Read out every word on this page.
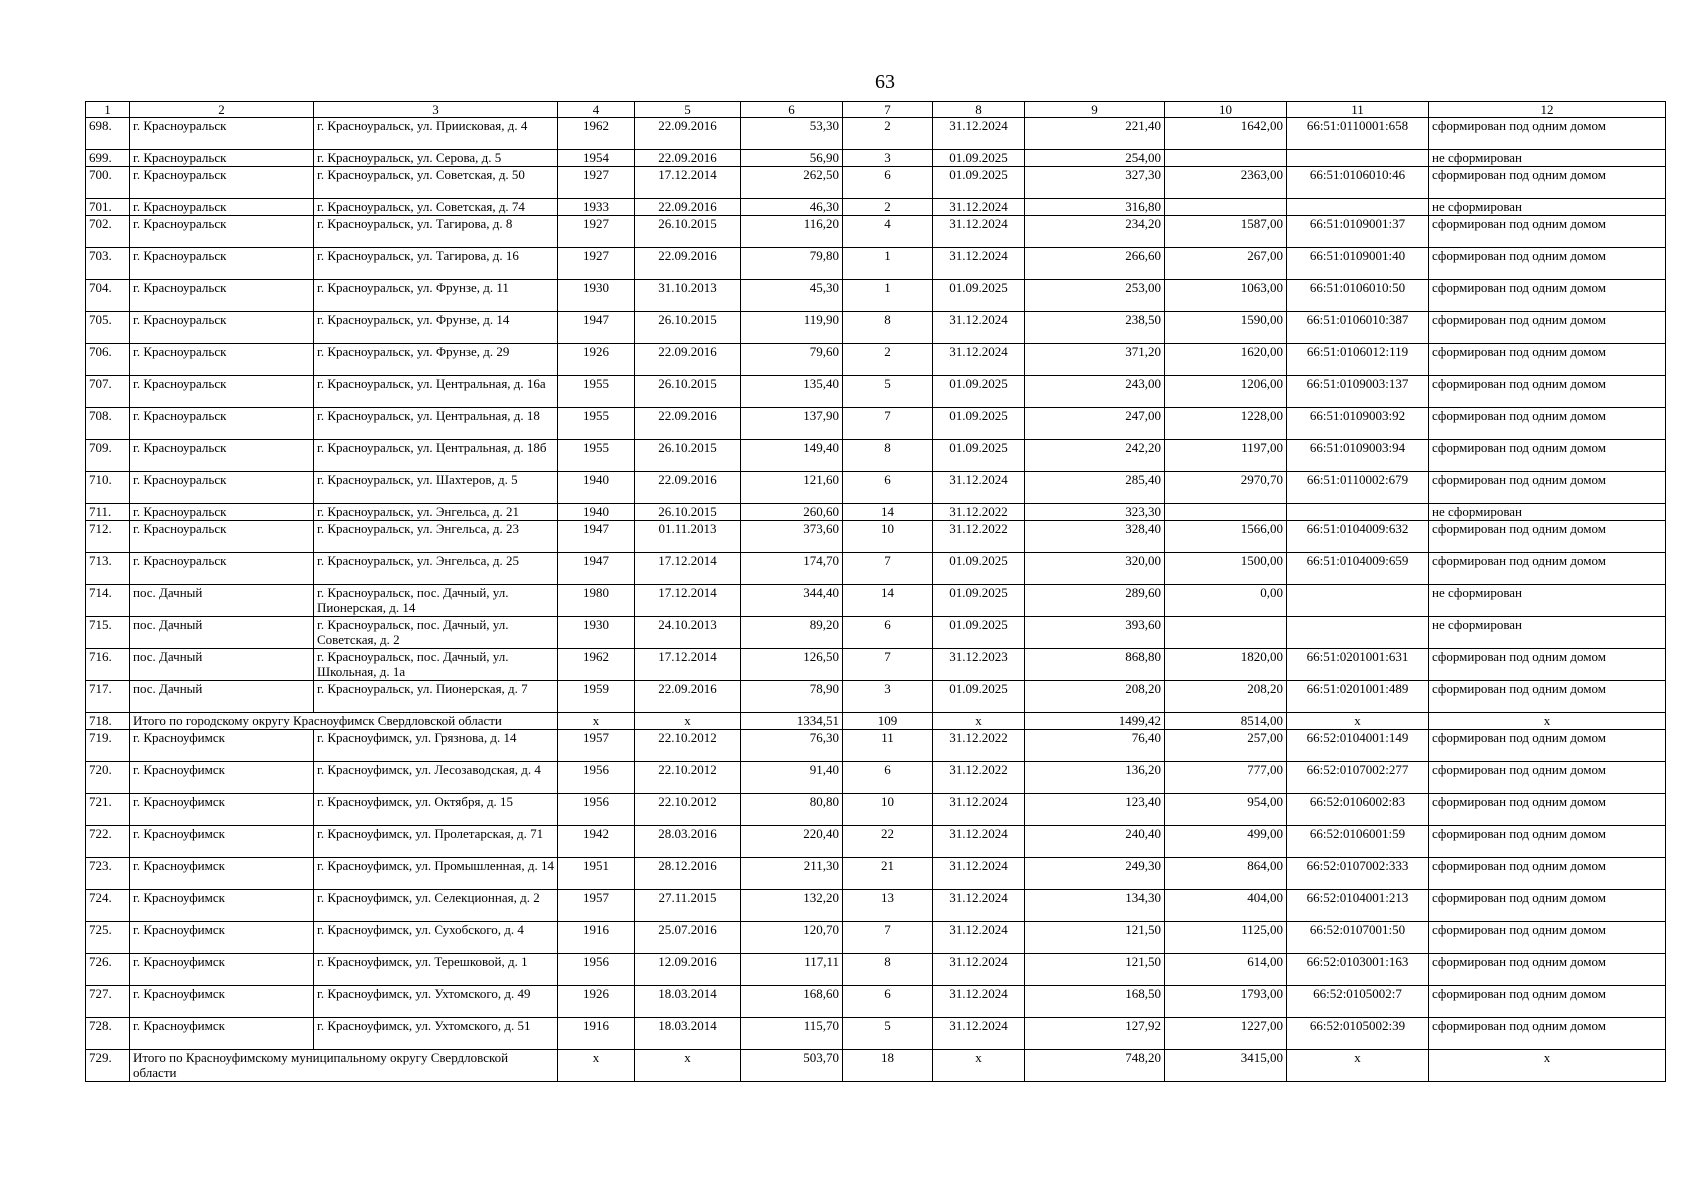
63
1	2	3	4	5	6	7	8	9	10	11	12
698.	г. Красноуральск	г. Красноуральск, ул. Приисковая, д. 4	1962	22.09.2016	53,30	2	31.12.2024	221,40	1642,00	66:51:0110001:658	сформирован под одним домом
699.	г. Красноуральск	г. Красноуральск, ул. Серова, д. 5	1954	22.09.2016	56,90	3	01.09.2025	254,00			не сформирован
700.	г. Красноуральск	г. Красноуральск, ул. Советская, д. 50	1927	17.12.2014	262,50	6	01.09.2025	327,30	2363,00	66:51:0106010:46	сформирован под одним домом
701.	г. Красноуральск	г. Красноуральск, ул. Советская, д. 74	1933	22.09.2016	46,30	2	31.12.2024	316,80			не сформирован
702.	г. Красноуральск	г. Красноуральск, ул. Тагирова, д. 8	1927	26.10.2015	116,20	4	31.12.2024	234,20	1587,00	66:51:0109001:37	сформирован под одним домом
703.	г. Красноуральск	г. Красноуральск, ул. Тагирова, д. 16	1927	22.09.2016	79,80	1	31.12.2024	266,60	267,00	66:51:0109001:40	сформирован под одним домом
704.	г. Красноуральск	г. Красноуральск, ул. Фрунзе, д. 11	1930	31.10.2013	45,30	1	01.09.2025	253,00	1063,00	66:51:0106010:50	сформирован под одним домом
705.	г. Красноуральск	г. Красноуральск, ул. Фрунзе, д. 14	1947	26.10.2015	119,90	8	31.12.2024	238,50	1590,00	66:51:0106010:387	сформирован под одним домом
706.	г. Красноуральск	г. Красноуральск, ул. Фрунзе, д. 29	1926	22.09.2016	79,60	2	31.12.2024	371,20	1620,00	66:51:0106012:119	сформирован под одним домом
707.	г. Красноуральск	г. Красноуральск, ул. Центральная, д. 16а	1955	26.10.2015	135,40	5	01.09.2025	243,00	1206,00	66:51:0109003:137	сформирован под одним домом
708.	г. Красноуральск	г. Красноуральск, ул. Центральная, д. 18	1955	22.09.2016	137,90	7	01.09.2025	247,00	1228,00	66:51:0109003:92	сформирован под одним домом
709.	г. Красноуральск	г. Красноуральск, ул. Центральная, д. 18б	1955	26.10.2015	149,40	8	01.09.2025	242,20	1197,00	66:51:0109003:94	сформирован под одним домом
710.	г. Красноуральск	г. Красноуральск, ул. Шахтеров, д. 5	1940	22.09.2016	121,60	6	31.12.2024	285,40	2970,70	66:51:0110002:679	сформирован под одним домом
711.	г. Красноуральск	г. Красноуральск, ул. Энгельса, д. 21	1940	26.10.2015	260,60	14	31.12.2022	323,30			не сформирован
712.	г. Красноуральск	г. Красноуральск, ул. Энгельса, д. 23	1947	01.11.2013	373,60	10	31.12.2022	328,40	1566,00	66:51:0104009:632	сформирован под одним домом
713.	г. Красноуральск	г. Красноуральск, ул. Энгельса, д. 25	1947	17.12.2014	174,70	7	01.09.2025	320,00	1500,00	66:51:0104009:659	сформирован под одним домом
714.	пос. Дачный	г. Красноуральск, пос. Дачный, ул. Пионерская, д. 14	1980	17.12.2014	344,40	14	01.09.2025	289,60	0,00		не сформирован
715.	пос. Дачный	г. Красноуральск, пос. Дачный, ул. Советская, д. 2	1930	24.10.2013	89,20	6	01.09.2025	393,60			не сформирован
716.	пос. Дачный	г. Красноуральск, пос. Дачный, ул. Школьная, д. 1а	1962	17.12.2014	126,50	7	31.12.2023	868,80	1820,00	66:51:0201001:631	сформирован под одним домом
717.	пос. Дачный	г. Красноуральск, ул. Пионерская, д. 7	1959	22.09.2016	78,90	3	01.09.2025	208,20	208,20	66:51:0201001:489	сформирован под одним домом
718.	Итого по городскому округу Красноуфимск Свердловской области		x	x	1334,51	109	x	1499,42	8514,00	x	x
719.	г. Красноуфимск	г. Красноуфимск, ул. Грязнова, д. 14	1957	22.10.2012	76,30	11	31.12.2022	76,40	257,00	66:52:0104001:149	сформирован под одним домом
720.	г. Красноуфимск	г. Красноуфимск, ул. Лесозаводская, д. 4	1956	22.10.2012	91,40	6	31.12.2022	136,20	777,00	66:52:0107002:277	сформирован под одним домом
721.	г. Красноуфимск	г. Красноуфимск, ул. Октября, д. 15	1956	22.10.2012	80,80	10	31.12.2024	123,40	954,00	66:52:0106002:83	сформирован под одним домом
722.	г. Красноуфимск	г. Красноуфимск, ул. Пролетарская, д. 71	1942	28.03.2016	220,40	22	31.12.2024	240,40	499,00	66:52:0106001:59	сформирован под одним домом
723.	г. Красноуфимск	г. Красноуфимск, ул. Промышленная, д. 14	1951	28.12.2016	211,30	21	31.12.2024	249,30	864,00	66:52:0107002:333	сформирован под одним домом
724.	г. Красноуфимск	г. Красноуфимск, ул. Селекционная, д. 2	1957	27.11.2015	132,20	13	31.12.2024	134,30	404,00	66:52:0104001:213	сформирован под одним домом
725.	г. Красноуфимск	г. Красноуфимск, ул. Сухобского, д. 4	1916	25.07.2016	120,70	7	31.12.2024	121,50	1125,00	66:52:0107001:50	сформирован под одним домом
726.	г. Красноуфимск	г. Красноуфимск, ул. Терешковой, д. 1	1956	12.09.2016	117,11	8	31.12.2024	121,50	614,00	66:52:0103001:163	сформирован под одним домом
727.	г. Красноуфимск	г. Красноуфимск, ул. Ухтомского, д. 49	1926	18.03.2014	168,60	6	31.12.2024	168,50	1793,00	66:52:0105002:7	сформирован под одним домом
728.	г. Красноуфимск	г. Красноуфимск, ул. Ухтомского, д. 51	1916	18.03.2014	115,70	5	31.12.2024	127,92	1227,00	66:52:0105002:39	сформирован под одним домом
729.	Итого по Красноуфимскому муниципальному округу Свердловской области		x	x	503,70	18	x	748,20	3415,00	x	x
